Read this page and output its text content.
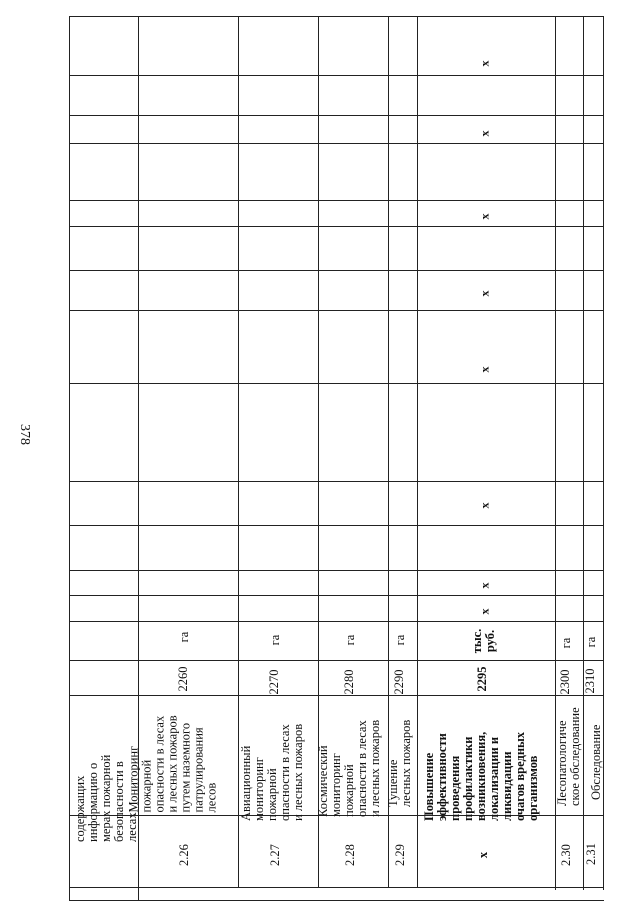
378
содержащих
информацию о
мерах пожарной
безопасности в
лесах
Мониторинг
пожарной
опасности в лесах
и лесных пожаров
путем наземного
патрулирования
лесов
2260
га
2.26
Авиационный
мониторинг
пожарной
опасности в лесах
и лесных пожаров
2270
га
2.27
Космический
мониторинг
пожарной
опасности в лесах
и лесных пожаров
2280
га
2.28
Тушение
лесных пожаров
2290
га
2.29
Повышение
эффективности
проведения
профилактики
возникновения,
локализации и
ликвидации
очагов вредных
организмов
2295
тыс.
руб.
x
x
x
x
x
x
x
x
x
Лесопатологиче
ское обследование
2300
га
2.30
Обследование
2310
га
2.31
